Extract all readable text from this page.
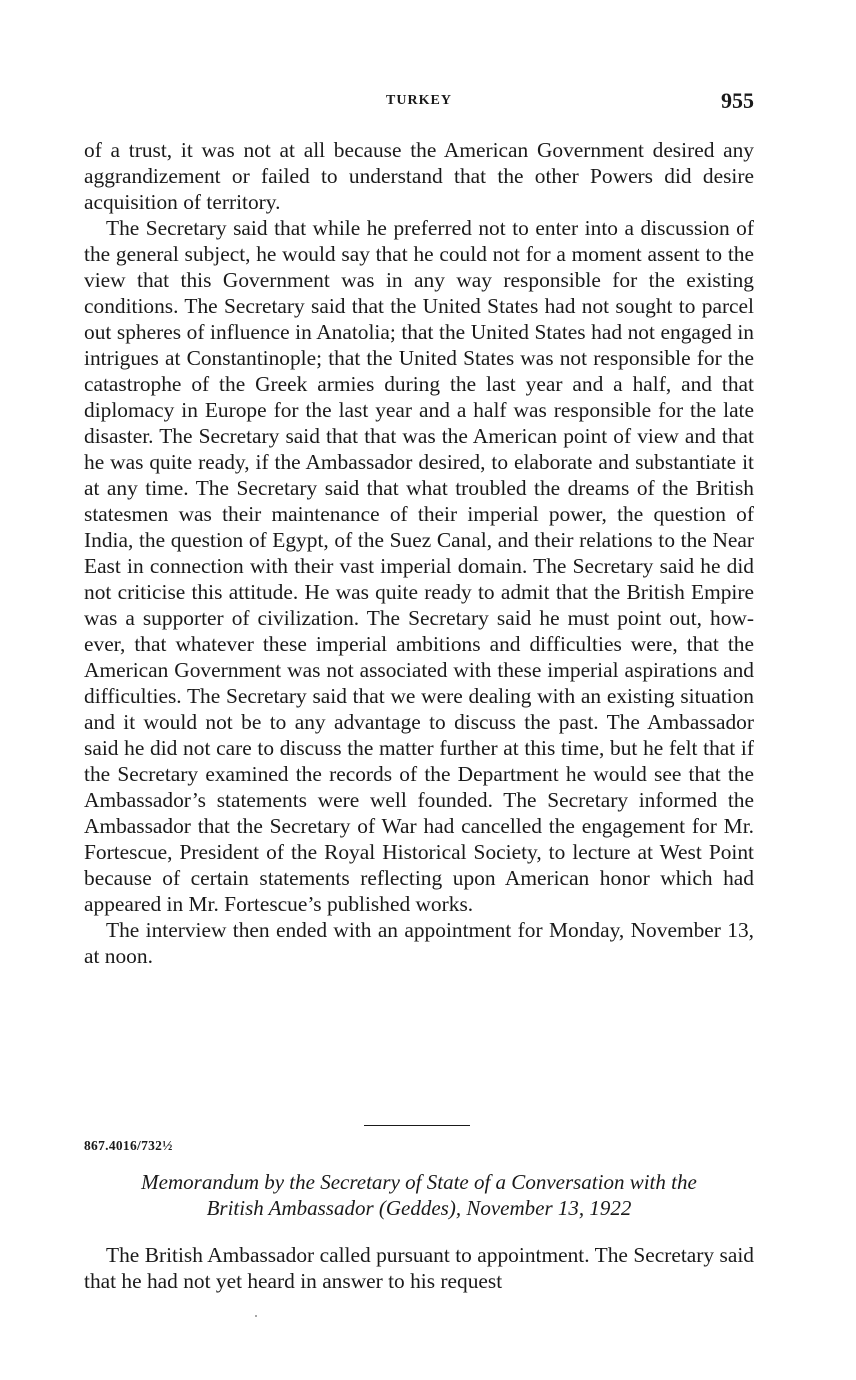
TURKEY	955

of a trust, it was not at all because the American Government desired any aggrandizement or failed to understand that the other Powers did desire acquisition of territory.

The Secretary said that while he preferred not to enter into a discussion of the general subject, he would say that he could not for a moment assent to the view that this Government was in any way responsible for the existing conditions. The Secretary said that the United States had not sought to parcel out spheres of influence in Anatolia; that the United States had not engaged in intrigues at Constantinople; that the United States was not responsible for the catastrophe of the Greek armies during the last year and a half, and that diplomacy in Europe for the last year and a half was responsible for the late disaster. The Secretary said that that was the American point of view and that he was quite ready, if the Ambassador desired, to elaborate and substantiate it at any time. The Secretary said that what troubled the dreams of the British statesmen was their maintenance of their imperial power, the question of India, the question of Egypt, of the Suez Canal, and their relations to the Near East in connection with their vast imperial domain. The Secretary said he did not criticise this attitude. He was quite ready to admit that the British Empire was a supporter of civilization. The Secretary said he must point out, however, that whatever these imperial ambitions and difficulties were, that the American Government was not associated with these imperial aspirations and difficulties. The Secretary said that we were dealing with an existing situation and it would not be to any advantage to discuss the past. The Ambassador said he did not care to discuss the matter further at this time, but he felt that if the Secretary examined the records of the Department he would see that the Ambassador’s statements were well founded. The Secretary informed the Ambassador that the Secretary of War had cancelled the engagement for Mr. Fortescue, President of the Royal Historical Society, to lecture at West Point because of certain statements reflecting upon American honor which had appeared in Mr. Fortescue’s published works.

The interview then ended with an appointment for Monday, November 13, at noon.

867.4016/732½
Memorandum by the Secretary of State of a Conversation with the
British Ambassador (Geddes), November 13, 1922

The British Ambassador called pursuant to appointment. The Secretary said that he had not yet heard in answer to his request
